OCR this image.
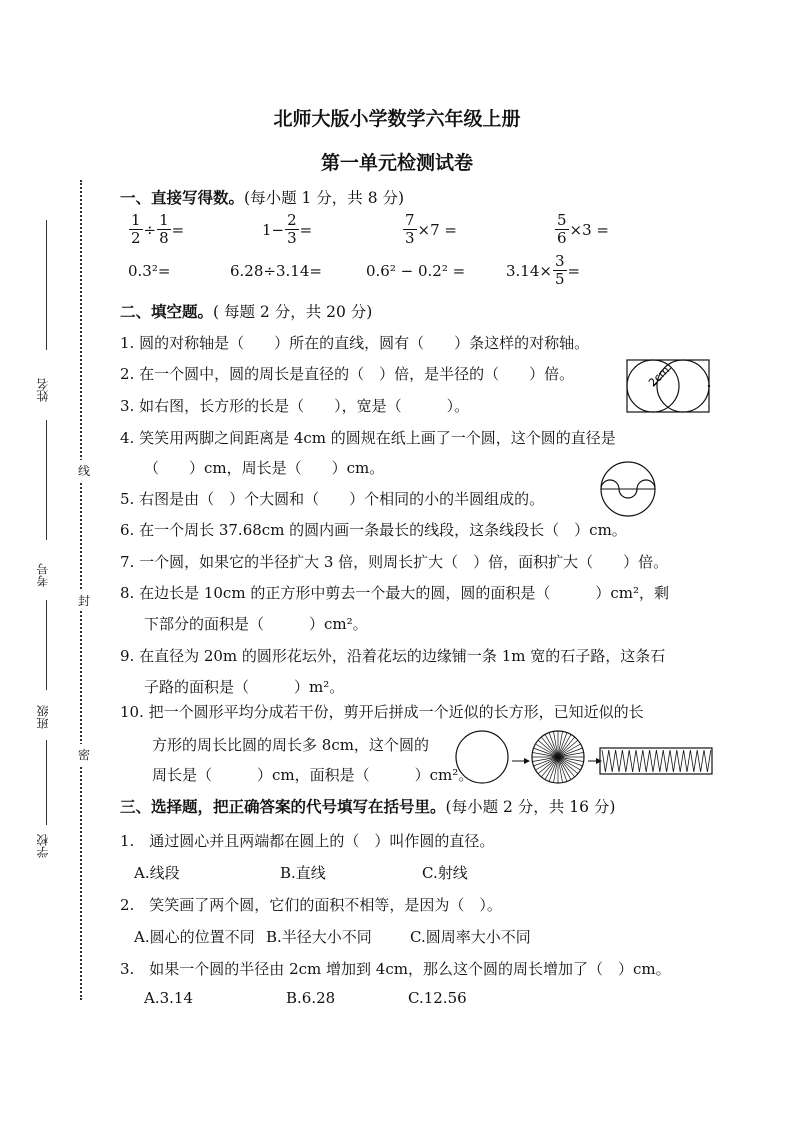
北师大版小学数学六年级上册
第一单元检测试卷
姓名
考号
班级
学校
线
封
密
一、直接写得数。(每小题 1 分，共 8 分)
$\frac{1}{2} \div \frac{1}{8}$ =	$1- \frac{2}{3}$ =	$\frac{7}{3} \times 7$ =	$\frac{5}{6} \times 3$ =
0.3²=	6.28÷3.14=	0.6² − 0.2² =	$3.14\times \frac{3}{5}$ =
二、填空题。( 每题 2 分，共 20 分)
1. 圆的对称轴是（　　）所在的直线，圆有（　　）条这样的对称轴。
2. 在一个圆中，圆的周长是直径的（　）倍，是半径的（　　）倍。
3. 如右图，长方形的长是（　　），宽是（　　　）。
4. 笑笑用两脚之间距离是 4cm 的圆规在纸上画了一个圆，这个圆的直径是
（　　）cm，周长是（　　）cm。
5. 右图是由（　）个大圆和（　　）个相同的小的半圆组成的。
6. 在一个周长 37.68cm 的圆内画一条最长的线段，这条线段长（　）cm。
7. 一个圆，如果它的半径扩大 3 倍，则周长扩大（　）倍，面积扩大（　　）倍。
8. 在边长是 10cm 的正方形中剪去一个最大的圆，圆的面积是（　　　）cm²，剩
下部分的面积是（　　　）cm²。
9. 在直径为 20m 的圆形花坛外，沿着花坛的边缘铺一条 1m 宽的石子路，这条石
子路的面积是（　　　）m²。
10. 把一个圆形平均分成若干份，剪开后拼成一个近似的长方形，已知近似的长
方形的周长比圆的周长多 8cm，这个圆的
周长是（　　　）cm，面积是（　　　）cm²。
2cm
三、选择题，把正确答案的代号填写在括号里。(每小题 2 分，共 16 分)
1.　通过圆心并且两端都在圆上的（　）叫作圆的直径。
A.线段	B.直线	C.射线
2.　笑笑画了两个圆，它们的面积不相等，是因为（　）。
A.圆心的位置不同 B.半径大小不同	C.圆周率大小不同
3.　如果一个圆的半径由 2cm 增加到 4cm，那么这个圆的周长增加了（　）cm。
A.3.14	B.6.28	C.12.56
